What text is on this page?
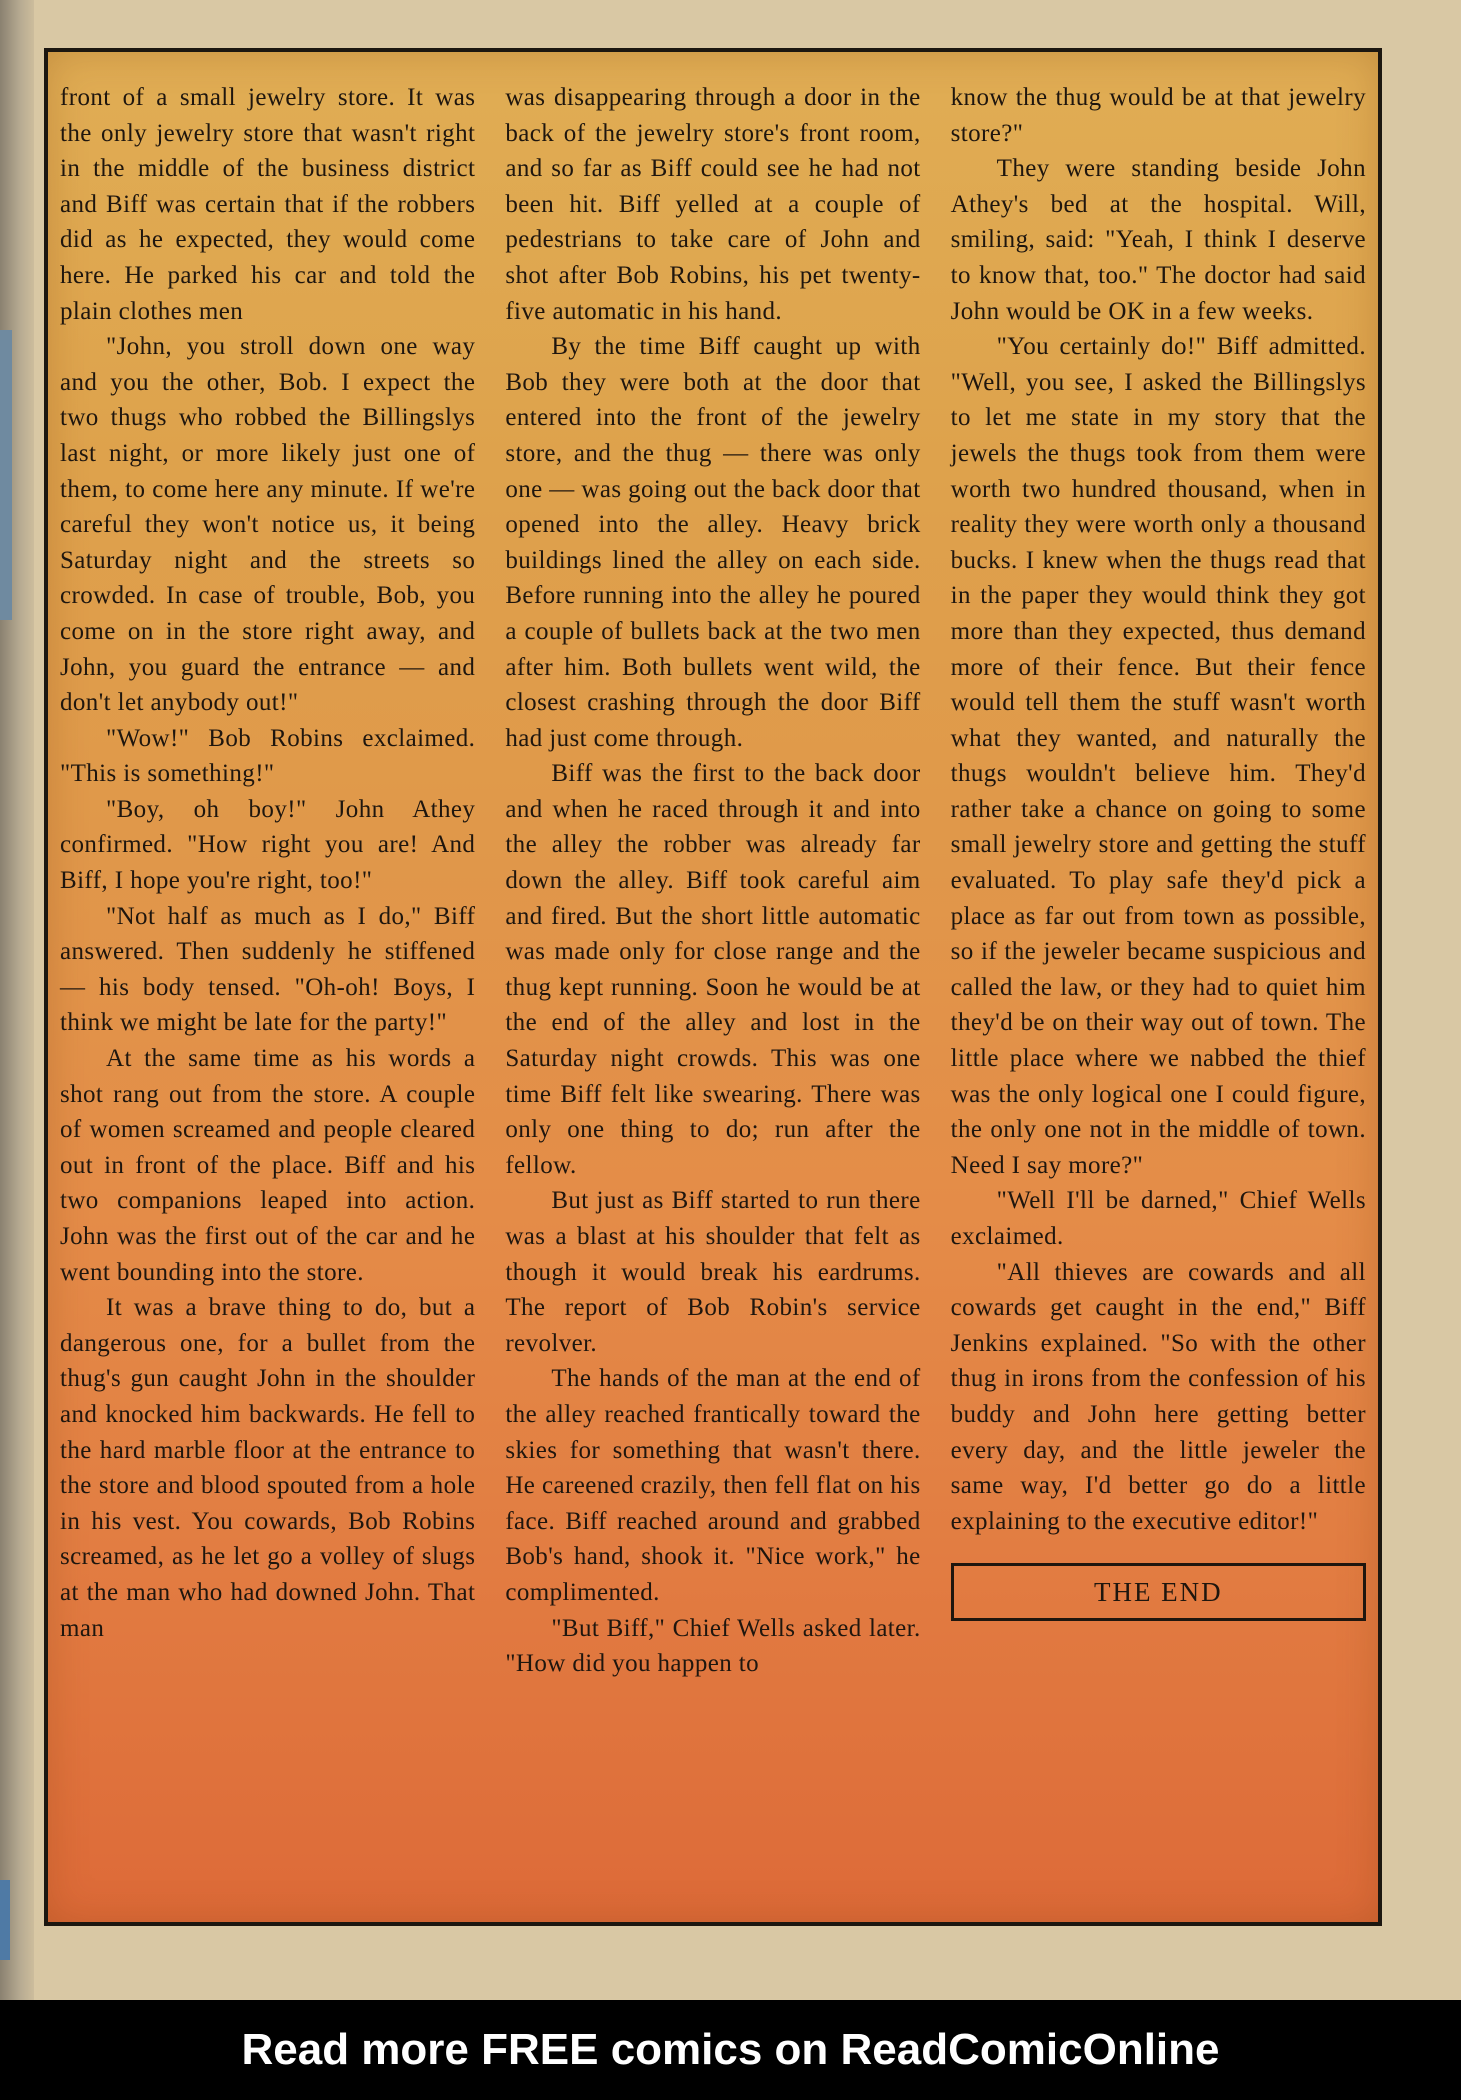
front of a small jewelry store. It was the only jewelry store that wasn't right in the middle of the business district and Biff was certain that if the robbers did as he expected, they would come here. He parked his car and told the plain clothes men

"John, you stroll down one way and you the other, Bob. I expect the two thugs who robbed the Billingslys last night, or more likely just one of them, to come here any minute. If we're careful they won't notice us, it being Saturday night and the streets so crowded. In case of trouble, Bob, you come on in the store right away, and John, you guard the entrance — and don't let anybody out!"

"Wow!" Bob Robins exclaimed. "This is something!"

"Boy, oh boy!" John Athey confirmed. "How right you are! And Biff, I hope you're right, too!"

"Not half as much as I do," Biff answered. Then suddenly he stiffened — his body tensed. "Oh-oh! Boys, I think we might be late for the party!"

At the same time as his words a shot rang out from the store. A couple of women screamed and people cleared out in front of the place. Biff and his two companions leaped into action. John was the first out of the car and he went bounding into the store.

It was a brave thing to do, but a dangerous one, for a bullet from the thug's gun caught John in the shoulder and knocked him backwards. He fell to the hard marble floor at the entrance to the store and blood spouted from a hole in his vest. You cowards, Bob Robins screamed, as he let go a volley of slugs at the man who had downed John. That man

was disappearing through a door in the back of the jewelry store's front room, and so far as Biff could see he had not been hit. Biff yelled at a couple of pedestrians to take care of John and shot after Bob Robins, his pet twenty-five automatic in his hand.

By the time Biff caught up with Bob they were both at the door that entered into the front of the jewelry store, and the thug — there was only one — was going out the back door that opened into the alley. Heavy brick buildings lined the alley on each side. Before running into the alley he poured a couple of bullets back at the two men after him. Both bullets went wild, the closest crashing through the door Biff had just come through.

Biff was the first to the back door and when he raced through it and into the alley the robber was already far down the alley. Biff took careful aim and fired. But the short little automatic was made only for close range and the thug kept running. Soon he would be at the end of the alley and lost in the Saturday night crowds. This was one time Biff felt like swearing. There was only one thing to do; run after the fellow.

But just as Biff started to run there was a blast at his shoulder that felt as though it would break his eardrums. The report of Bob Robin's service revolver.

The hands of the man at the end of the alley reached frantically toward the skies for something that wasn't there. He careened crazily, then fell flat on his face. Biff reached around and grabbed Bob's hand, shook it. "Nice work," he complimented.

"But Biff," Chief Wells asked later. "How did you happen to

know the thug would be at that jewelry store?"

They were standing beside John Athey's bed at the hospital. Will, smiling, said: "Yeah, I think I deserve to know that, too." The doctor had said John would be OK in a few weeks.

"You certainly do!" Biff admitted. "Well, you see, I asked the Billingslys to let me state in my story that the jewels the thugs took from them were worth two hundred thousand, when in reality they were worth only a thousand bucks. I knew when the thugs read that in the paper they would think they got more than they expected, thus demand more of their fence. But their fence would tell them the stuff wasn't worth what they wanted, and naturally the thugs wouldn't believe him. They'd rather take a chance on going to some small jewelry store and getting the stuff evaluated. To play safe they'd pick a place as far out from town as possible, so if the jeweler became suspicious and called the law, or they had to quiet him they'd be on their way out of town. The little place where we nabbed the thief was the only logical one I could figure, the only one not in the middle of town. Need I say more?"

"Well I'll be darned," Chief Wells exclaimed.

"All thieves are cowards and all cowards get caught in the end," Biff Jenkins explained. "So with the other thug in irons from the confession of his buddy and John here getting better every day, and the little jeweler the same way, I'd better go do a little explaining to the executive editor!"

THE END
Read more FREE comics on ReadComicOnline
